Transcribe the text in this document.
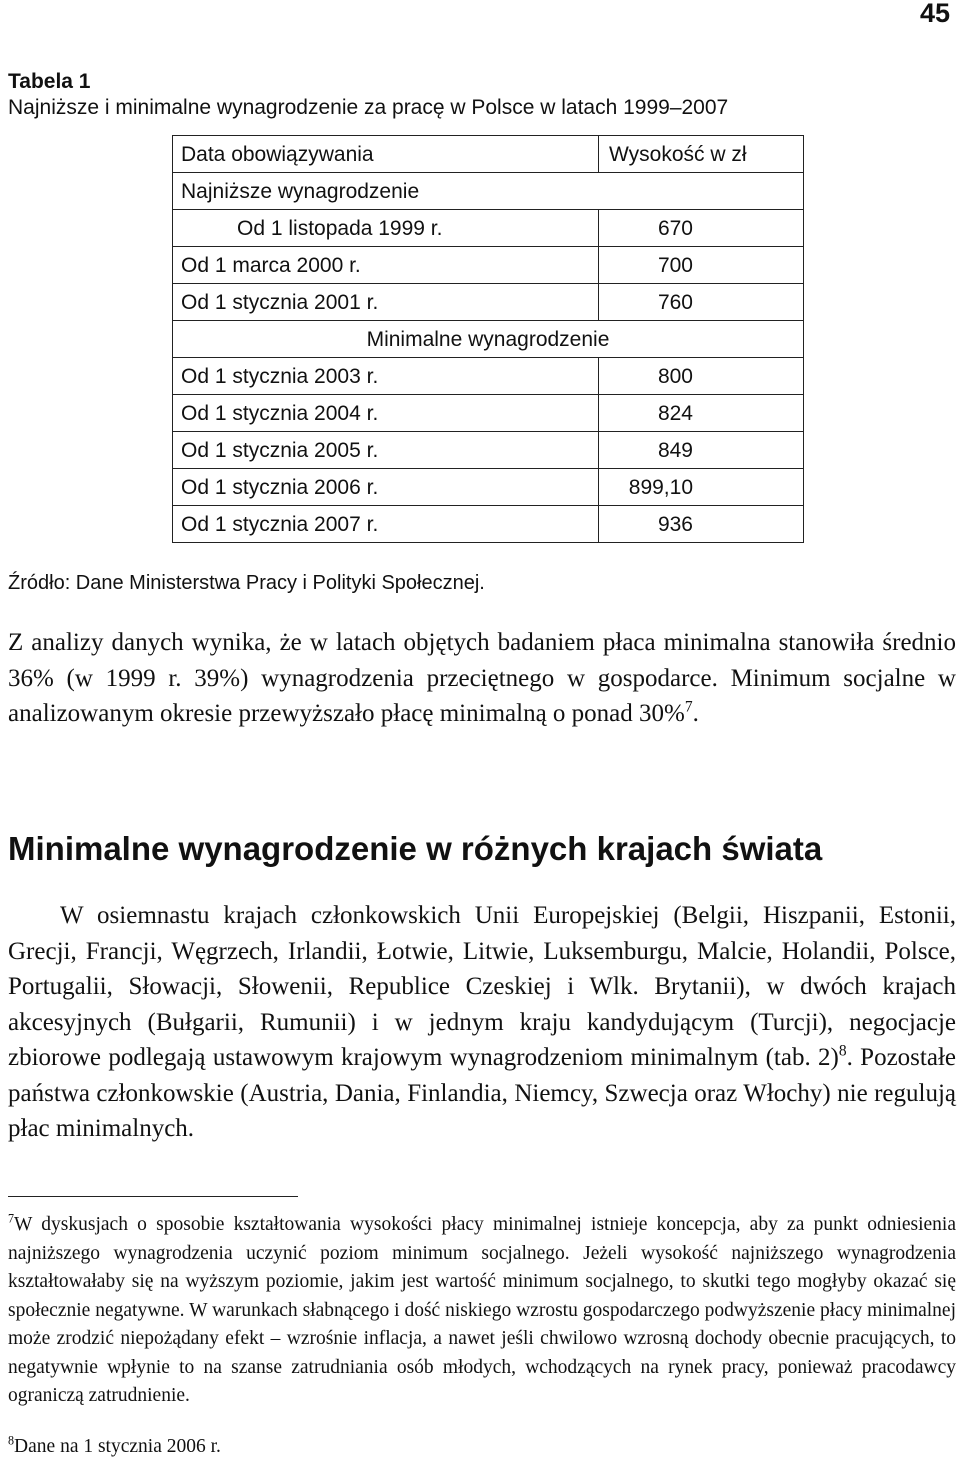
45
Tabela 1
Najniższe i minimalne wynagrodzenie za pracę w Polsce w latach 1999–2007
Data obowiązywania	Wysokość w zł
Najniższe wynagrodzenie	
Od 1 listopada 1999 r.	670
Od 1 marca 2000 r.	700
Od 1 stycznia 2001 r.	760
Minimalne wynagrodzenie	
Od 1 stycznia 2003 r.	800
Od 1 stycznia 2004 r.	824
Od 1 stycznia 2005 r.	849
Od 1 stycznia 2006 r.	899,10
Od 1 stycznia 2007 r.	936
Źródło: Dane Ministerstwa Pracy i Polityki Społecznej.

Z analizy danych wynika, że w latach objętych badaniem płaca minimalna stanowiła średnio 36% (w 1999 r. 39%) wynagrodzenia przeciętnego w gospodarce. Minimum socjalne w analizowanym okresie przewyższało płacę minimalną o ponad 30%$^7$.

Minimalne wynagrodzenie w różnych krajach świata

W osiemnastu krajach członkowskich Unii Europejskiej (Belgii, Hiszpanii, Estonii, Grecji, Francji, Węgrzech, Irlandii, Łotwie, Litwie, Luksemburgu, Malcie, Holandii, Polsce, Portugalii, Słowacji, Słowenii, Republice Czeskiej i Wlk. Brytanii), w dwóch krajach akcesyjnych (Bułgarii, Rumunii) i w jednym kraju kandydującym (Turcji), negocjacje zbiorowe podlegają ustawowym krajowym wynagrodzeniom minimalnym (tab. 2)$^8$. Pozostałe państwa członkowskie (Austria, Dania, Finlandia, Niemcy, Szwecja oraz Włochy) nie regulują płac minimalnych.

$^7$W dyskusjach o sposobie kształtowania wysokości płacy minimalnej istnieje koncepcja, aby za punkt odniesienia najniższego wynagrodzenia uczynić poziom minimum socjalnego. Jeżeli wysokość najniższego wynagrodzenia kształtowałaby się na wyższym poziomie, jakim jest wartość minimum socjalnego, to skutki tego mogłyby okazać się społecznie negatywne. W warunkach słabnącego i dość niskiego wzrostu gospodarczego podwyższenie płacy minimalnej może zrodzić niepożądany efekt – wzrośnie inflacja, a nawet jeśli chwilowo wzrosną dochody obecnie pracujących, to negatywnie wpłynie to na szanse zatrudniania osób młodych, wchodzących na rynek pracy, ponieważ pracodawcy ograniczą zatrudnienie.

$^8$Dane na 1 stycznia 2006 r.
